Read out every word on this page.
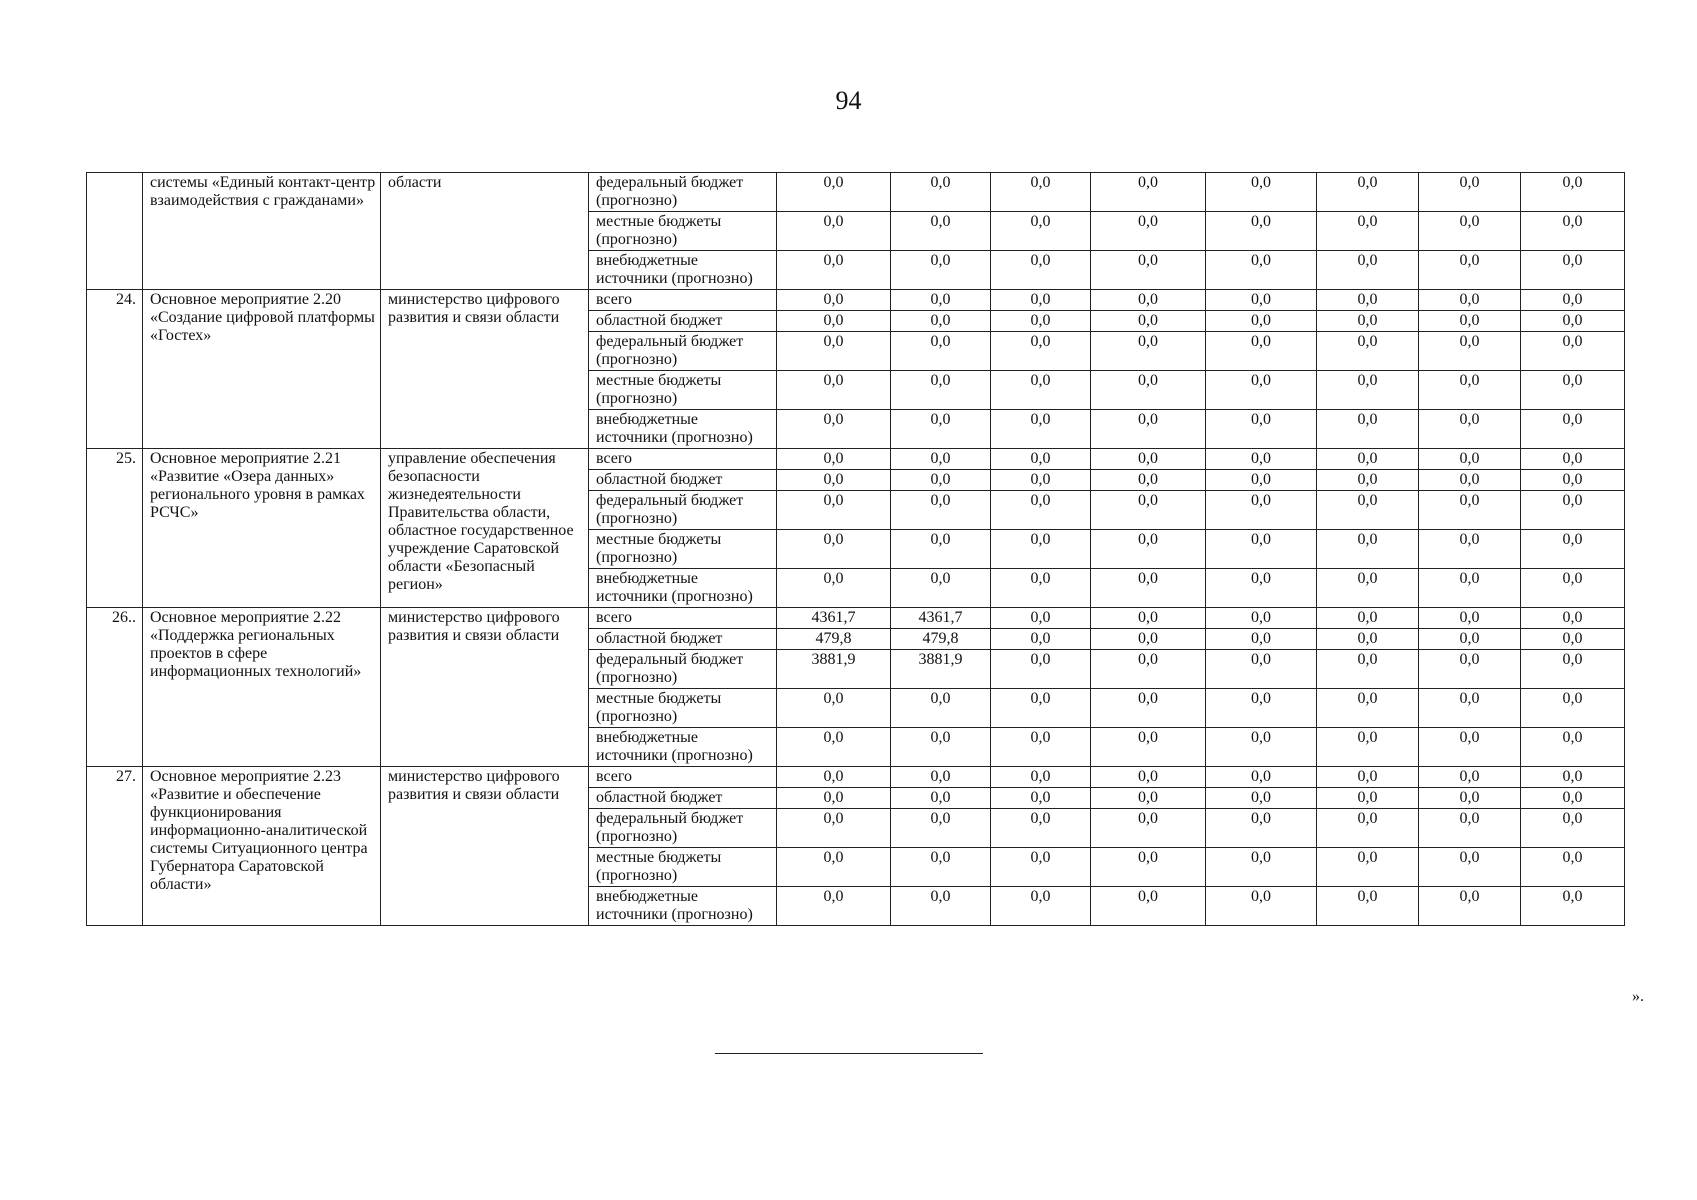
94
	системы «Единый контакт-центр взаимодействия с гражданами»	области	федеральный бюджет (прогнозно)	0,0	0,0	0,0	0,0	0,0	0,0	0,0	0,0
			местные бюджеты (прогнозно)	0,0	0,0	0,0	0,0	0,0	0,0	0,0	0,0
			внебюджетные источники (прогнозно)	0,0	0,0	0,0	0,0	0,0	0,0	0,0	0,0
24.	Основное мероприятие 2.20 «Создание цифровой платформы «Гостех»	министерство цифрового развития и связи области	всего	0,0	0,0	0,0	0,0	0,0	0,0	0,0	0,0
			областной бюджет	0,0	0,0	0,0	0,0	0,0	0,0	0,0	0,0
			федеральный бюджет (прогнозно)	0,0	0,0	0,0	0,0	0,0	0,0	0,0	0,0
			местные бюджеты (прогнозно)	0,0	0,0	0,0	0,0	0,0	0,0	0,0	0,0
			внебюджетные источники (прогнозно)	0,0	0,0	0,0	0,0	0,0	0,0	0,0	0,0
25.	Основное мероприятие 2.21 «Развитие «Озера данных» регионального уровня в рамках РСЧС»	управление обеспечения безопасности жизнедеятельности Правительства области, областное государственное учреждение Саратовской области «Безопасный регион»	всего	0,0	0,0	0,0	0,0	0,0	0,0	0,0	0,0
			областной бюджет	0,0	0,0	0,0	0,0	0,0	0,0	0,0	0,0
			федеральный бюджет (прогнозно)	0,0	0,0	0,0	0,0	0,0	0,0	0,0	0,0
			местные бюджеты (прогнозно)	0,0	0,0	0,0	0,0	0,0	0,0	0,0	0,0
			внебюджетные источники (прогнозно)	0,0	0,0	0,0	0,0	0,0	0,0	0,0	0,0
26..	Основное мероприятие 2.22 «Поддержка региональных проектов в сфере информационных технологий»	министерство цифрового развития и связи области	всего	4361,7	4361,7	0,0	0,0	0,0	0,0	0,0	0,0
			областной бюджет	479,8	479,8	0,0	0,0	0,0	0,0	0,0	0,0
			федеральный бюджет (прогнозно)	3881,9	3881,9	0,0	0,0	0,0	0,0	0,0	0,0
			местные бюджеты (прогнозно)	0,0	0,0	0,0	0,0	0,0	0,0	0,0	0,0
			внебюджетные источники (прогнозно)	0,0	0,0	0,0	0,0	0,0	0,0	0,0	0,0
27.	Основное мероприятие 2.23 «Развитие и обеспечение функционирования информационно-аналитической системы Ситуационного центра Губернатора Саратовской области»	министерство цифрового развития и связи области	всего	0,0	0,0	0,0	0,0	0,0	0,0	0,0	0,0
			областной бюджет	0,0	0,0	0,0	0,0	0,0	0,0	0,0	0,0
			федеральный бюджет (прогнозно)	0,0	0,0	0,0	0,0	0,0	0,0	0,0	0,0
			местные бюджеты (прогнозно)	0,0	0,0	0,0	0,0	0,0	0,0	0,0	0,0
			внебюджетные источники (прогнозно)	0,0	0,0	0,0	0,0	0,0	0,0	0,0	0,0
».
